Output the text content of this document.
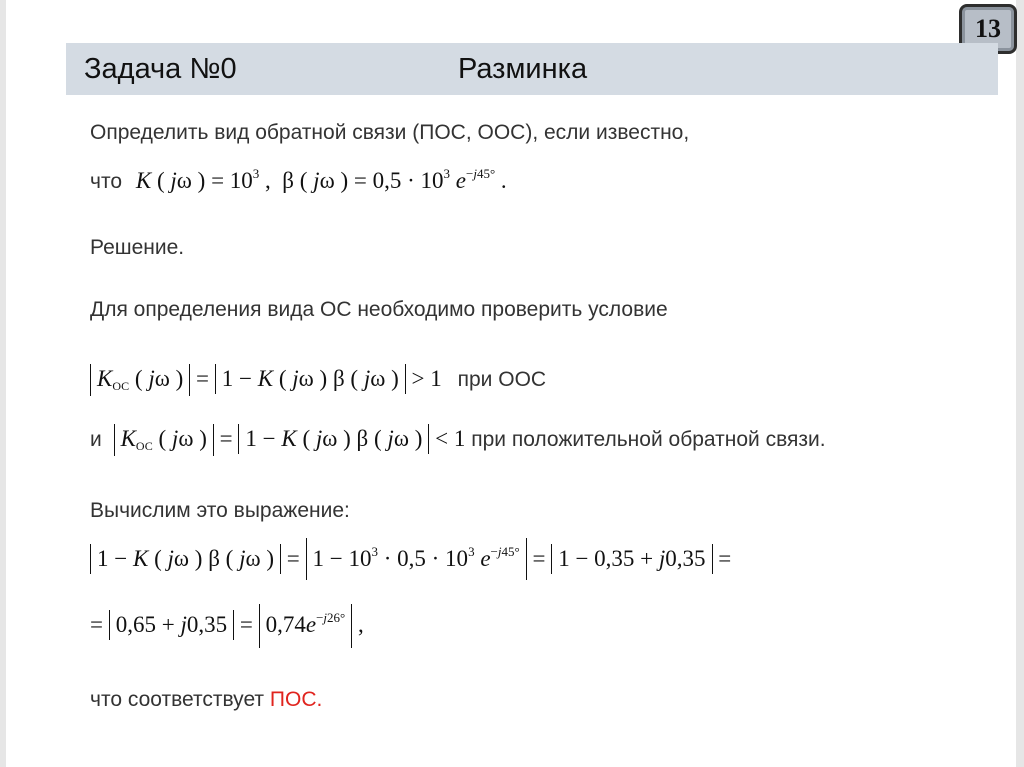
13
Задача №0	Разминка
Определить вид обратной связи (ПОС, ООС), если известно,
что K ( jω ) = $10^3$ ,  β ( jω ) = $0,5 \cdot 10^3$ $e^{-j45^\circ}$ .
Решение.
Для определения вида ОС необходимо проверить условие
$K_{ОС}$ ( jω ) = 1 − K ( jω ) β ( jω ) > 1 при ООС
и $K_{ОС}$ ( jω ) = 1 − K ( jω ) β ( jω ) < 1 при положительной обратной связи.
Вычислим это выражение:
1 − K ( jω ) β ( jω ) = $1 - 10^3 \cdot 0,5 \cdot 10^3$ $e^{-j45^\circ} = 1 - 0,35 + j0,35$ =
= $0,65 + j0,35 = 0,74e^{-j26^\circ}$ ,
что соответствует ПОС.
